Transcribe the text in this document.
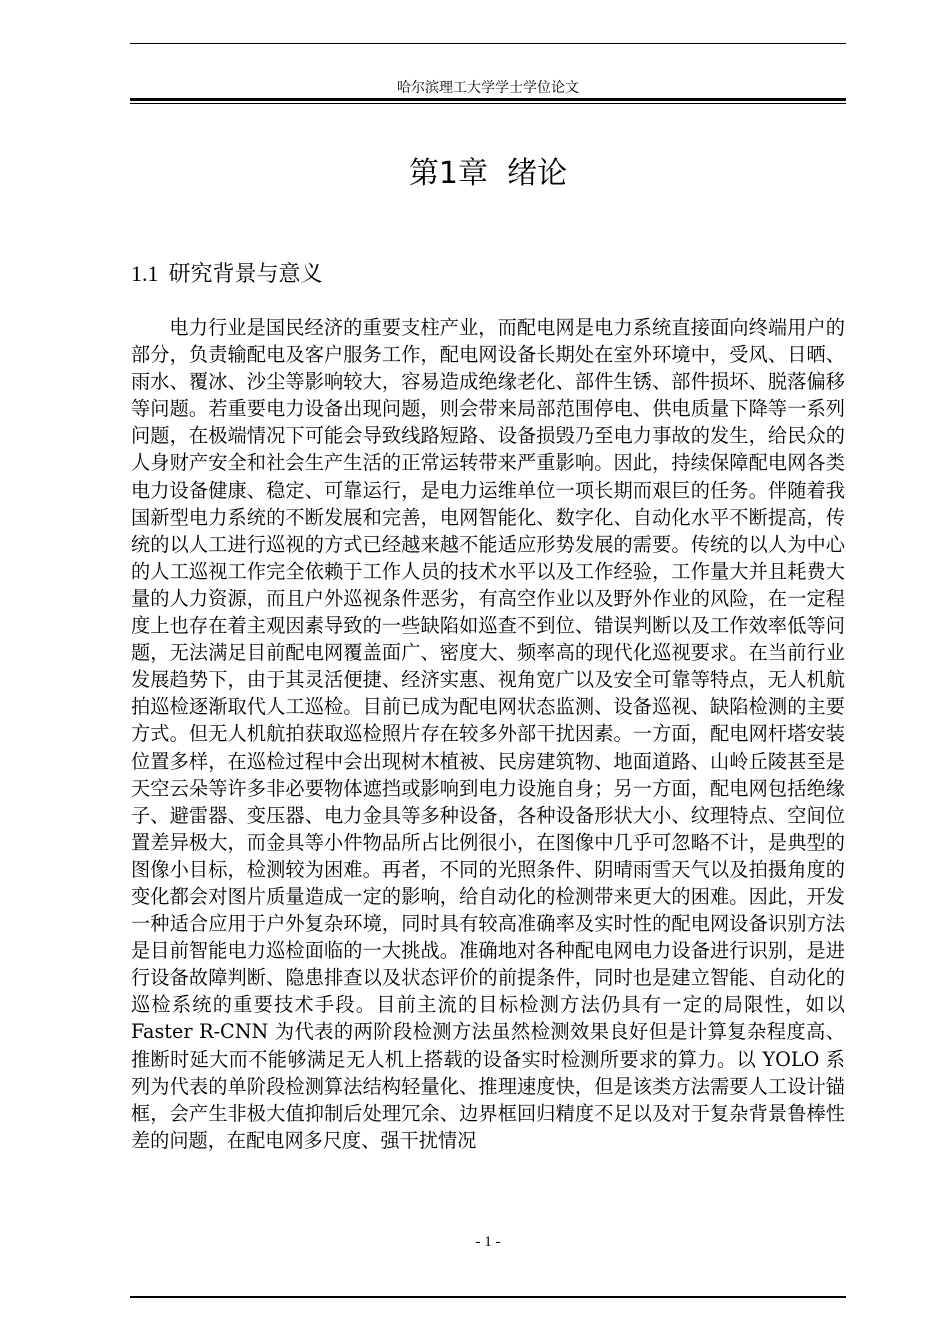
哈尔滨理工大学学士学位论文
第1章  绪论
1.1 研究背景与意义

电力行业是国民经济的重要支柱产业，而配电网是电力系统直接面向终端用户的部分，负责输配电及客户服务工作，配电网设备长期处在室外环境中，受风、日晒、雨水、覆冰、沙尘等影响较大，容易造成绝缘老化、部件生锈、部件损坏、脱落偏移等问题。若重要电力设备出现问题，则会带来局部范围停电、供电质量下降等一系列问题，在极端情况下可能会导致线路短路、设备损毁乃至电力事故的发生，给民众的人身财产安全和社会生产生活的正常运转带来严重影响。因此，持续保障配电网各类电力设备健康、稳定、可靠运行，是电力运维单位一项长期而艰巨的任务。伴随着我国新型电力系统的不断发展和完善，电网智能化、数字化、自动化水平不断提高，传统的以人工进行巡视的方式已经越来越不能适应形势发展的需要。传统的以人为中心的人工巡视工作完全依赖于工作人员的技术水平以及工作经验，工作量大并且耗费大量的人力资源，而且户外巡视条件恶劣，有高空作业以及野外作业的风险，在一定程度上也存在着主观因素导致的一些缺陷如巡查不到位、错误判断以及工作效率低等问题，无法满足目前配电网覆盖面广、密度大、频率高的现代化巡视要求。在当前行业发展趋势下，由于其灵活便捷、经济实惠、视角宽广以及安全可靠等特点，无人机航拍巡检逐渐取代人工巡检。目前已成为配电网状态监测、设备巡视、缺陷检测的主要方式。但无人机航拍获取巡检照片存在较多外部干扰因素。一方面，配电网杆塔安装位置多样，在巡检过程中会出现树木植被、民房建筑物、地面道路、山岭丘陵甚至是天空云朵等许多非必要物体遮挡或影响到电力设施自身；另一方面，配电网包括绝缘子、避雷器、变压器、电力金具等多种设备，各种设备形状大小、纹理特点、空间位置差异极大，而金具等小件物品所占比例很小，在图像中几乎可忽略不计，是典型的图像小目标，检测较为困难。再者，不同的光照条件、阴晴雨雪天气以及拍摄角度的变化都会对图片质量造成一定的影响，给自动化的检测带来更大的困难。因此，开发一种适合应用于户外复杂环境，同时具有较高准确率及实时性的配电网设备识别方法是目前智能电力巡检面临的一大挑战。准确地对各种配电网电力设备进行识别，是进行设备故障判断、隐患排查以及状态评价的前提条件，同时也是建立智能、自动化的巡检系统的重要技术手段。目前主流的目标检测方法仍具有一定的局限性，如以 Faster R-CNN 为代表的两阶段检测方法虽然检测效果良好但是计算复杂程度高、推断时延大而不能够满足无人机上搭载的设备实时检测所要求的算力。以 YOLO 系列为代表的单阶段检测算法结构轻量化、推理速度快，但是该类方法需要人工设计锚框，会产生非极大值抑制后处理冗余、边界框回归精度不足以及对于复杂背景鲁棒性差的问题，在配电网多尺度、强干扰情况

- 1 -
